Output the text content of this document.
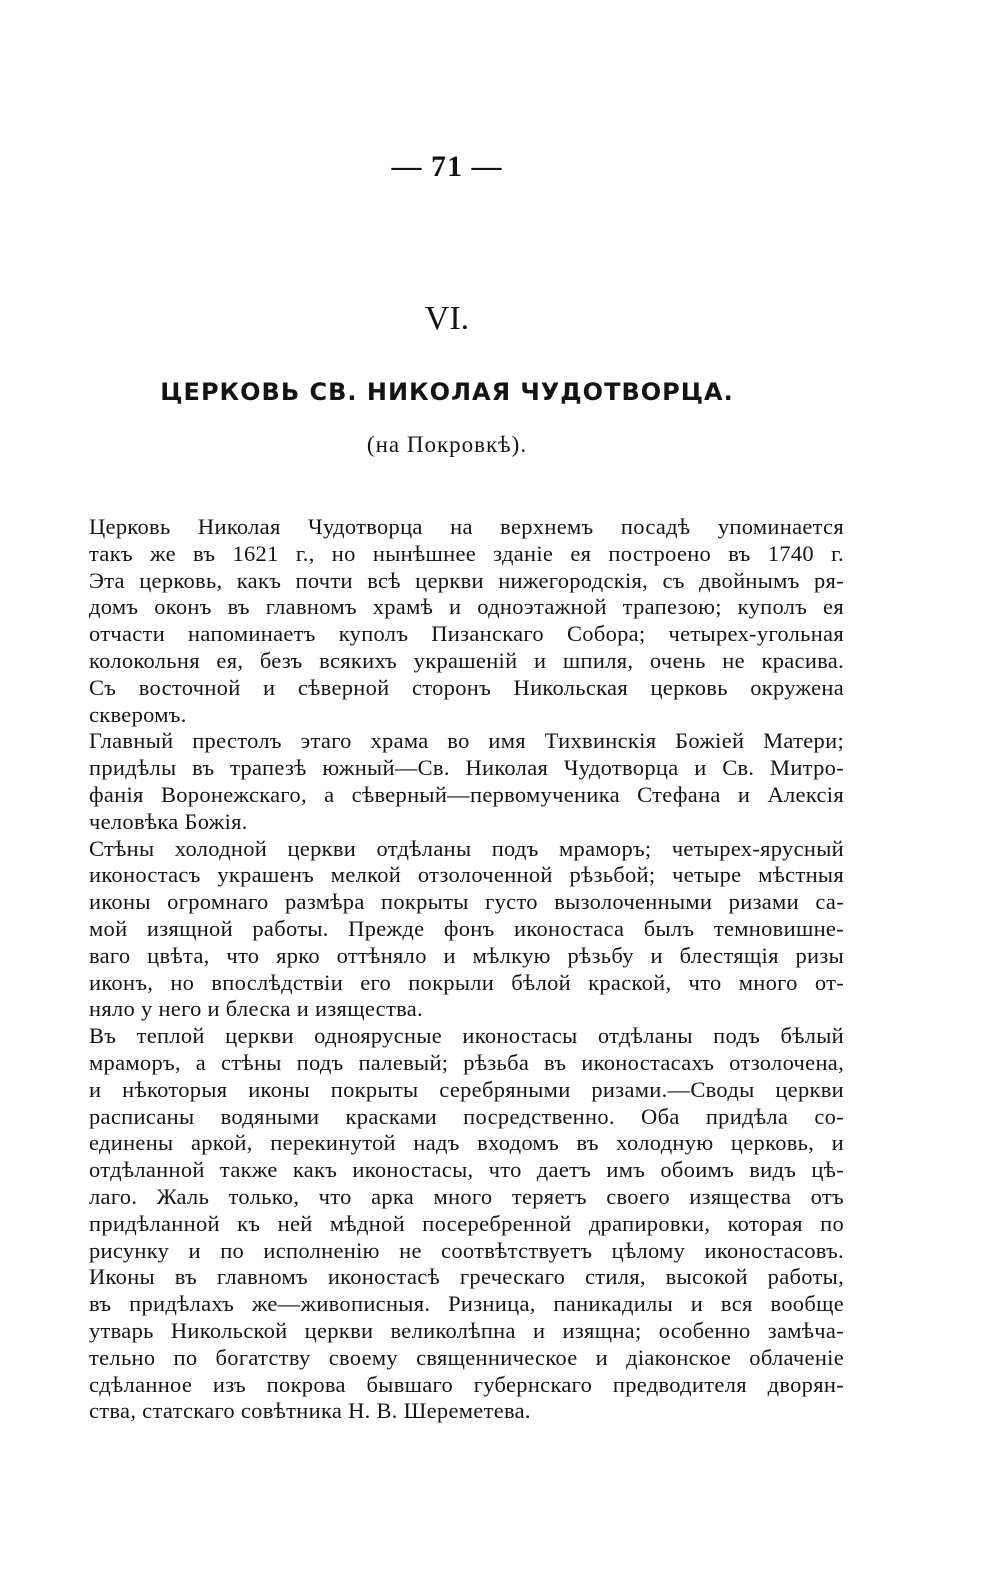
— 71 —
VI.
ЦЕРКОВЬ СВ. НИКОЛАЯ ЧУДОТВОРЦА.
(на Покровкѣ).
Церковь Николая Чудотворца на верхнемъ посадѣ упоминается
такъ же въ 1621 г., но нынѣшнее зданіе ея построено въ 1740 г.
Эта церковь, какъ почти всѣ церкви нижегородскія, съ двойнымъ ря-
домъ оконъ въ главномъ храмѣ и одноэтажной трапезою; куполъ ея
отчасти напоминаетъ куполъ Пизанскаго Собора; четырех-угольная
колокольня ея, безъ всякихъ украшеній и шпиля, очень не красива.
Съ восточной и сѣверной сторонъ Никольская церковь окружена
скверомъ.
Главный престолъ этаго храма во имя Тихвинскія Божіей Матери;
придѣлы въ трапезѣ южный—Св. Николая Чудотворца и Св. Митро-
фанія Воронежскаго, а сѣверный—первомученика Стефана и Алексія
человѣка Божія.
Стѣны холодной церкви отдѣланы подъ мраморъ; четырех-ярусный
иконостасъ украшенъ мелкой отзолоченной рѣзьбой; четыре мѣстныя
иконы огромнаго размѣра покрыты густо вызолоченными ризами са-
мой изящной работы. Прежде фонъ иконостаса былъ темновишне-
ваго цвѣта, что ярко оттѣняло и мѣлкую рѣзьбу и блестящія ризы
иконъ, но впослѣдствіи его покрыли бѣлой краской, что много от-
няло у него и блеска и изящества.
Въ теплой церкви одноярусные иконостасы отдѣланы подъ бѣлый
мраморъ, а стѣны подъ палевый; рѣзьба въ иконостасахъ отзолочена,
и нѣкоторыя иконы покрыты серебряными ризами.—Своды церкви
расписаны водяными красками посредственно. Оба придѣла со-
единены аркой, перекинутой надъ входомъ въ холодную церковь, и
отдѣланной также какъ иконостасы, что даетъ имъ обоимъ видъ цѣ-
лаго. Жаль только, что арка много теряетъ своего изящества отъ
придѣланной къ ней мѣдной посеребренной драпировки, которая по
рисунку и по исполненію не соотвѣтствуетъ цѣлому иконостасовъ.
Иконы въ главномъ иконостасѣ греческаго стиля, высокой работы,
въ придѣлахъ же—живописныя. Ризница, паникадилы и вся вообще
утварь Никольской церкви великолѣпна и изящна; особенно замѣча-
тельно по богатству своему священническое и діаконское облаченіе
сдѣланное изъ покрова бывшаго губернскаго предводителя дворян-
ства, статскаго совѣтника Н. В. Шереметева.
